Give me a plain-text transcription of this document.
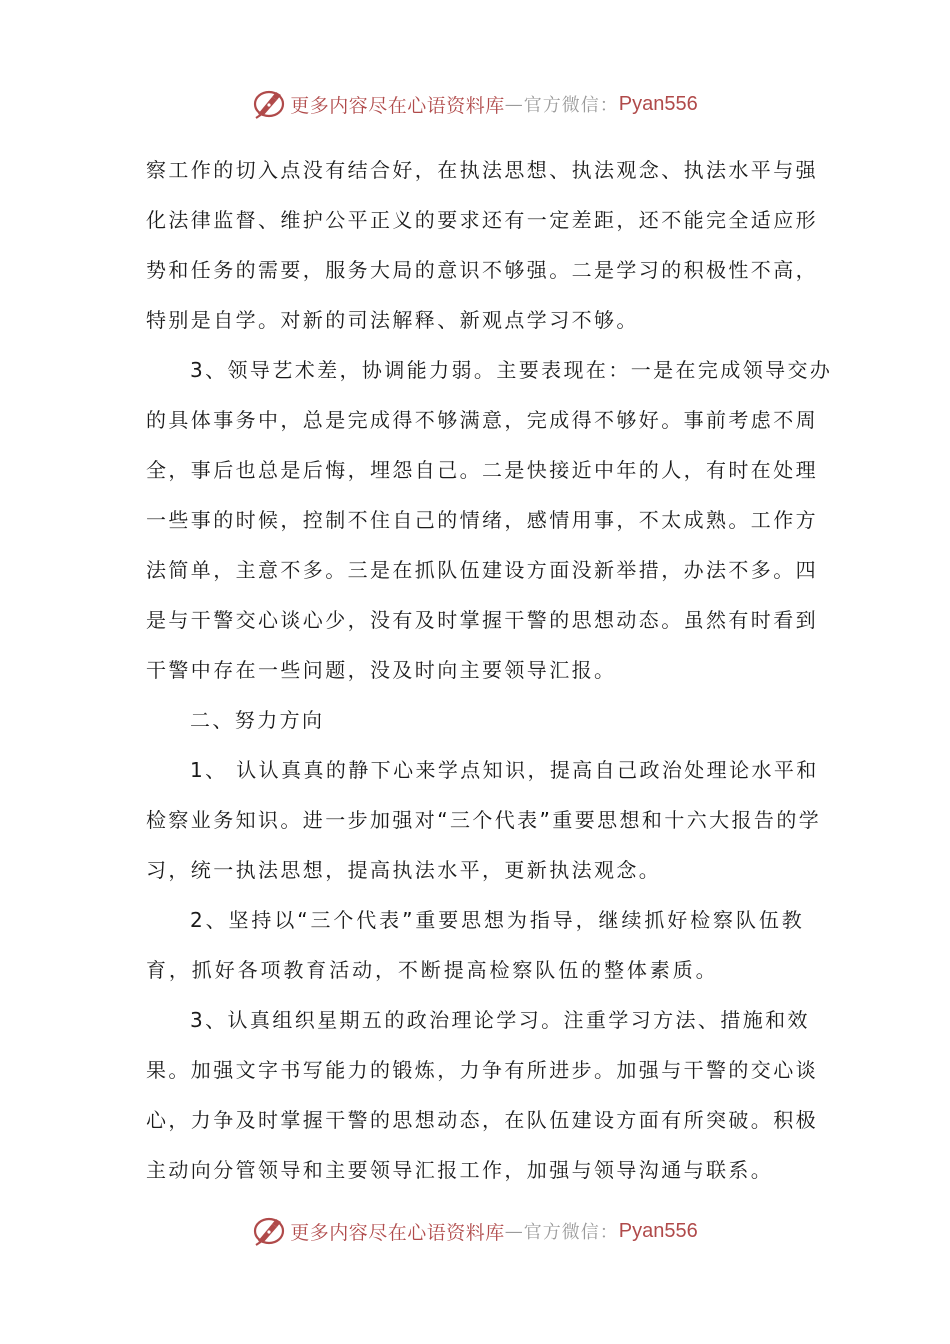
更多内容尽在心语资料库 — 官方微信： Pyan556

察工作的切入点没有结合好，在执法思想、执法观念、执法水平与强化法律监督、维护公平正义的要求还有一定差距，还不能完全适应形势和任务的需要，服务大局的意识不够强。二是学习的积极性不高，特别是自学。对新的司法解释、新观点学习不够。

3、领导艺术差，协调能力弱。主要表现在：一是在完成领导交办的具体事务中，总是完成得不够满意，完成得不够好。事前考虑不周全，事后也总是后悔，埋怨自己。二是快接近中年的人，有时在处理一些事的时候，控制不住自己的情绪，感情用事，不太成熟。工作方法简单，主意不多。三是在抓队伍建设方面没新举措，办法不多。四是与干警交心谈心少，没有及时掌握干警的思想动态。虽然有时看到干警中存在一些问题，没及时向主要领导汇报。

二、努力方向

1、 认认真真的静下心来学点知识，提高自己政治处理论水平和检察业务知识。进一步加强对“三个代表”重要思想和十六大报告的学习，统一执法思想，提高执法水平，更新执法观念。

2、坚持以“三个代表”重要思想为指导，继续抓好检察队伍教育，抓好各项教育活动，不断提高检察队伍的整体素质。

3、认真组织星期五的政治理论学习。注重学习方法、措施和效果。加强文字书写能力的锻炼，力争有所进步。加强与干警的交心谈心，力争及时掌握干警的思想动态，在队伍建设方面有所突破。积极主动向分管领导和主要领导汇报工作，加强与领导沟通与联系。

更多内容尽在心语资料库 — 官方微信： Pyan556
